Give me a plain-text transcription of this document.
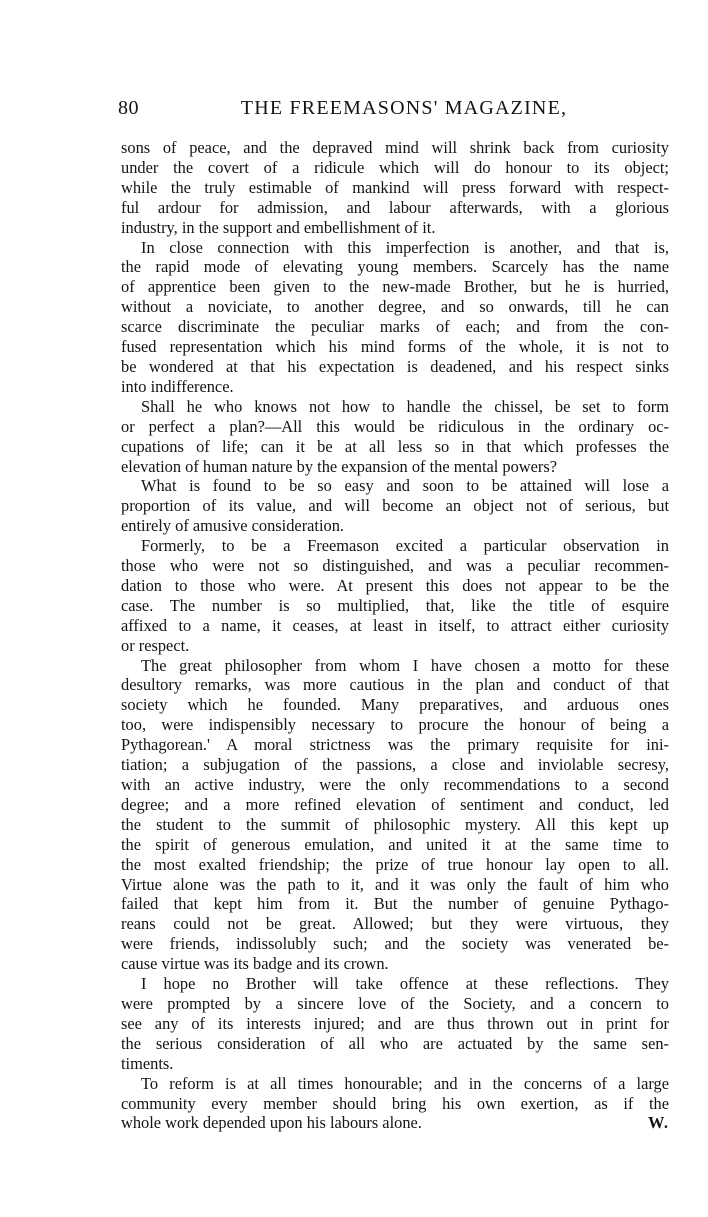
80	THE FREEMASONS' MAGAZINE,
sons of peace, and the depraved mind will shrink back from curiosity
under the covert of a ridicule which will do honour to its object;
while the truly estimable of mankind will press forward with respect-
ful ardour for admission, and labour afterwards, with a glorious
industry, in the support and embellishment of it.
In close connection with this imperfection is another, and that is,
the rapid mode of elevating young members. Scarcely has the name
of apprentice been given to the new-made Brother, but he is hurried,
without a noviciate, to another degree, and so onwards, till he can
scarce discriminate the peculiar marks of each; and from the con-
fused representation which his mind forms of the whole, it is not to
be wondered at that his expectation is deadened, and his respect sinks
into indifference.
Shall he who knows not how to handle the chissel, be set to form
or perfect a plan?—All this would be ridiculous in the ordinary oc-
cupations of life; can it be at all less so in that which professes the
elevation of human nature by the expansion of the mental powers?
What is found to be so easy and soon to be attained will lose a
proportion of its value, and will become an object not of serious, but
entirely of amusive consideration.
Formerly, to be a Freemason excited a particular observation in
those who were not so distinguished, and was a peculiar recommen-
dation to those who were. At present this does not appear to be the
case. The number is so multiplied, that, like the title of esquire
affixed to a name, it ceases, at least in itself, to attract either curiosity
or respect.
The great philosopher from whom I have chosen a motto for these
desultory remarks, was more cautious in the plan and conduct of that
society which he founded. Many preparatives, and arduous ones
too, were indispensibly necessary to procure the honour of being a
Pythagorean.' A moral strictness was the primary requisite for ini-
tiation; a subjugation of the passions, a close and inviolable secresy,
with an active industry, were the only recommendations to a second
degree; and a more refined elevation of sentiment and conduct, led
the student to the summit of philosophic mystery. All this kept up
the spirit of generous emulation, and united it at the same time to
the most exalted friendship; the prize of true honour lay open to all.
Virtue alone was the path to it, and it was only the fault of him who
failed that kept him from it. But the number of genuine Pythago-
reans could not be great. Allowed; but they were virtuous, they
were friends, indissolubly such; and the society was venerated be-
cause virtue was its badge and its crown.
I hope no Brother will take offence at these reflections. They
were prompted by a sincere love of the Society, and a concern to
see any of its interests injured; and are thus thrown out in print for
the serious consideration of all who are actuated by the same sen-
timents.
To reform is at all times honourable; and in the concerns of a large
community every member should bring his own exertion, as if the
whole work depended upon his labours alone.	W.
